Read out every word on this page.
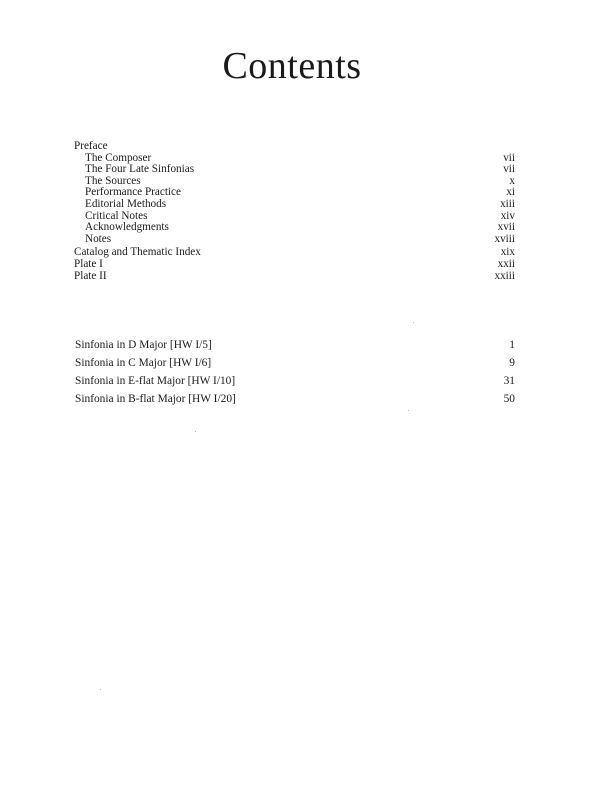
Contents
Preface
The Composer	vii
The Four Late Sinfonias	vii
The Sources	x
Performance Practice	xi
Editorial Methods	xiii
Critical Notes	xiv
Acknowledgments	xvii
Notes	xviii
Catalog and Thematic Index	xix
Plate I	xxii
Plate II	xxiii
Sinfonia in D Major [HW I/5]	1
Sinfonia in C Major [HW I/6]	9
Sinfonia in E-flat Major [HW I/10]	31
Sinfonia in B-flat Major [HW I/20]	50
